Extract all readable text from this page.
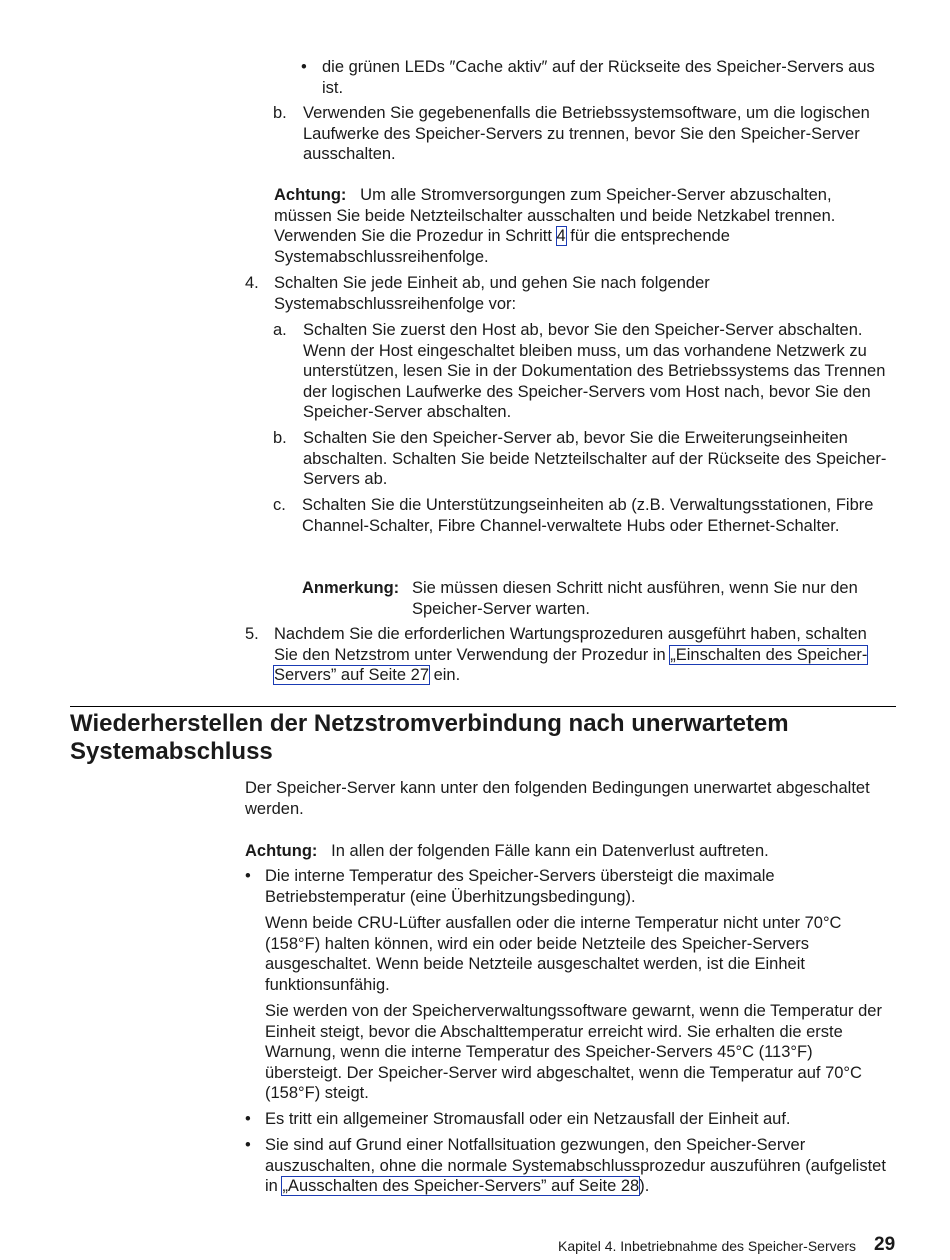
• die grünen LEDs ″Cache aktiv″ auf der Rückseite des Speicher-Servers aus ist.

b. Verwenden Sie gegebenenfalls die Betriebssystemsoftware, um die logischen Laufwerke des Speicher-Servers zu trennen, bevor Sie den Speicher-Server ausschalten.

Achtung: Um alle Stromversorgungen zum Speicher-Server abzuschalten, müssen Sie beide Netzteilschalter ausschalten und beide Netzkabel trennen. Verwenden Sie die Prozedur in Schritt 4 für die entsprechende Systemabschlussreihenfolge.

4. Schalten Sie jede Einheit ab, und gehen Sie nach folgender Systemabschlussreihenfolge vor:

a. Schalten Sie zuerst den Host ab, bevor Sie den Speicher-Server abschalten. Wenn der Host eingeschaltet bleiben muss, um das vorhandene Netzwerk zu unterstützen, lesen Sie in der Dokumentation des Betriebssystems das Trennen der logischen Laufwerke des Speicher-Servers vom Host nach, bevor Sie den Speicher-Server abschalten.

b. Schalten Sie den Speicher-Server ab, bevor Sie die Erweiterungseinheiten abschalten. Schalten Sie beide Netzteilschalter auf der Rückseite des Speicher-Servers ab.

c. Schalten Sie die Unterstützungseinheiten ab (z.B. Verwaltungsstationen, Fibre Channel-Schalter, Fibre Channel-verwaltete Hubs oder Ethernet-Schalter.

Anmerkung: Sie müssen diesen Schritt nicht ausführen, wenn Sie nur den Speicher-Server warten.

5. Nachdem Sie die erforderlichen Wartungsprozeduren ausgeführt haben, schalten Sie den Netzstrom unter Verwendung der Prozedur in „Einschalten des Speicher-Servers” auf Seite 27 ein.

Wiederherstellen der Netzstromverbindung nach unerwartetem Systemabschluss

Der Speicher-Server kann unter den folgenden Bedingungen unerwartet abgeschaltet werden.

Achtung: In allen der folgenden Fälle kann ein Datenverlust auftreten.

• Die interne Temperatur des Speicher-Servers übersteigt die maximale Betriebstemperatur (eine Überhitzungsbedingung).

Wenn beide CRU-Lüfter ausfallen oder die interne Temperatur nicht unter 70°C (158°F) halten können, wird ein oder beide Netzteile des Speicher-Servers ausgeschaltet. Wenn beide Netzteile ausgeschaltet werden, ist die Einheit funktionsunfähig.

Sie werden von der Speicherverwaltungssoftware gewarnt, wenn die Temperatur der Einheit steigt, bevor die Abschalttemperatur erreicht wird. Sie erhalten die erste Warnung, wenn die interne Temperatur des Speicher-Servers 45°C (113°F) übersteigt. Der Speicher-Server wird abgeschaltet, wenn die Temperatur auf 70°C (158°F) steigt.

• Es tritt ein allgemeiner Stromausfall oder ein Netzausfall der Einheit auf.

• Sie sind auf Grund einer Notfallsituation gezwungen, den Speicher-Server auszuschalten, ohne die normale Systemabschlussprozedur auszuführen (aufgelistet in „Ausschalten des Speicher-Servers” auf Seite 28).

Kapitel 4. Inbetriebnahme des Speicher-Servers 29
